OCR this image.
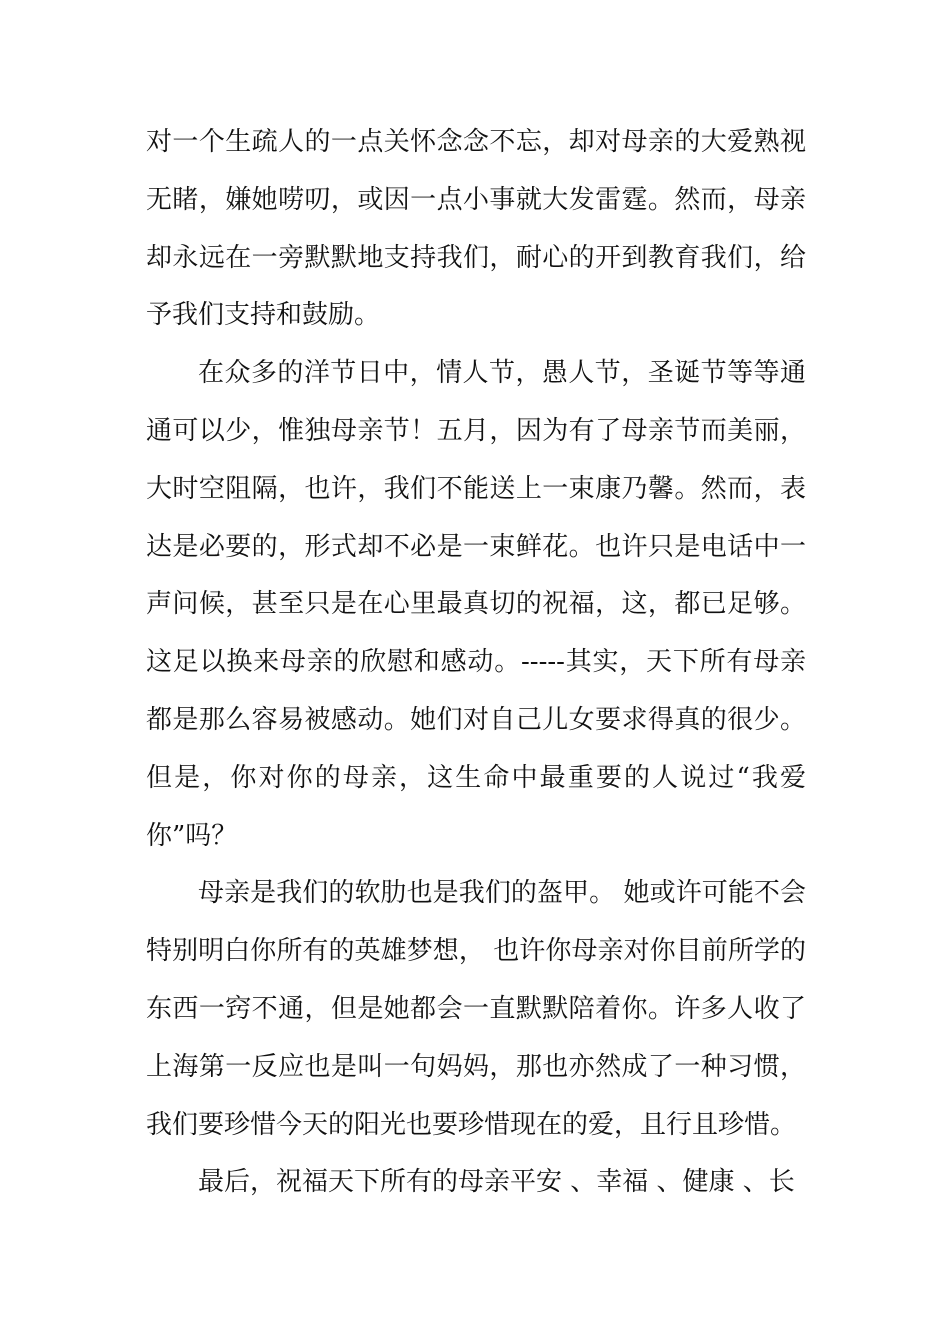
对一个生疏人的一点关怀念念不忘，却对母亲的大爱熟视
无睹，嫌她唠叨，或因一点小事就大发雷霆。然而，母亲
却永远在一旁默默地支持我们，耐心的开到教育我们，给
予我们支持和鼓励。
在众多的洋节日中，情人节，愚人节，圣诞节等等通
通可以少，惟独母亲节！五月，因为有了母亲节而美丽，
大时空阻隔，也许，我们不能送上一束康乃馨。然而，表
达是必要的，形式却不必是一束鲜花。也许只是电话中一
声问候，甚至只是在心里最真切的祝福，这，都已足够。
这足以换来母亲的欣慰和感动。-----其实，天下所有母亲
都是那么容易被感动。她们对自己儿女要求得真的很少。
但是，你对你的母亲，这生命中最重要的人说过“我爱
你”吗？
母亲是我们的软肋也是我们的盔甲。 她或许可能不会
特别明白你所有的英雄梦想， 也许你母亲对你目前所学的
东西一窍不通，但是她都会一直默默陪着你。许多人收了
上海第一反应也是叫一句妈妈，那也亦然成了一种习惯，
我们要珍惜今天的阳光也要珍惜现在的爱，且行且珍惜。
最后，祝福天下所有的母亲平安 、幸福 、健康 、长
